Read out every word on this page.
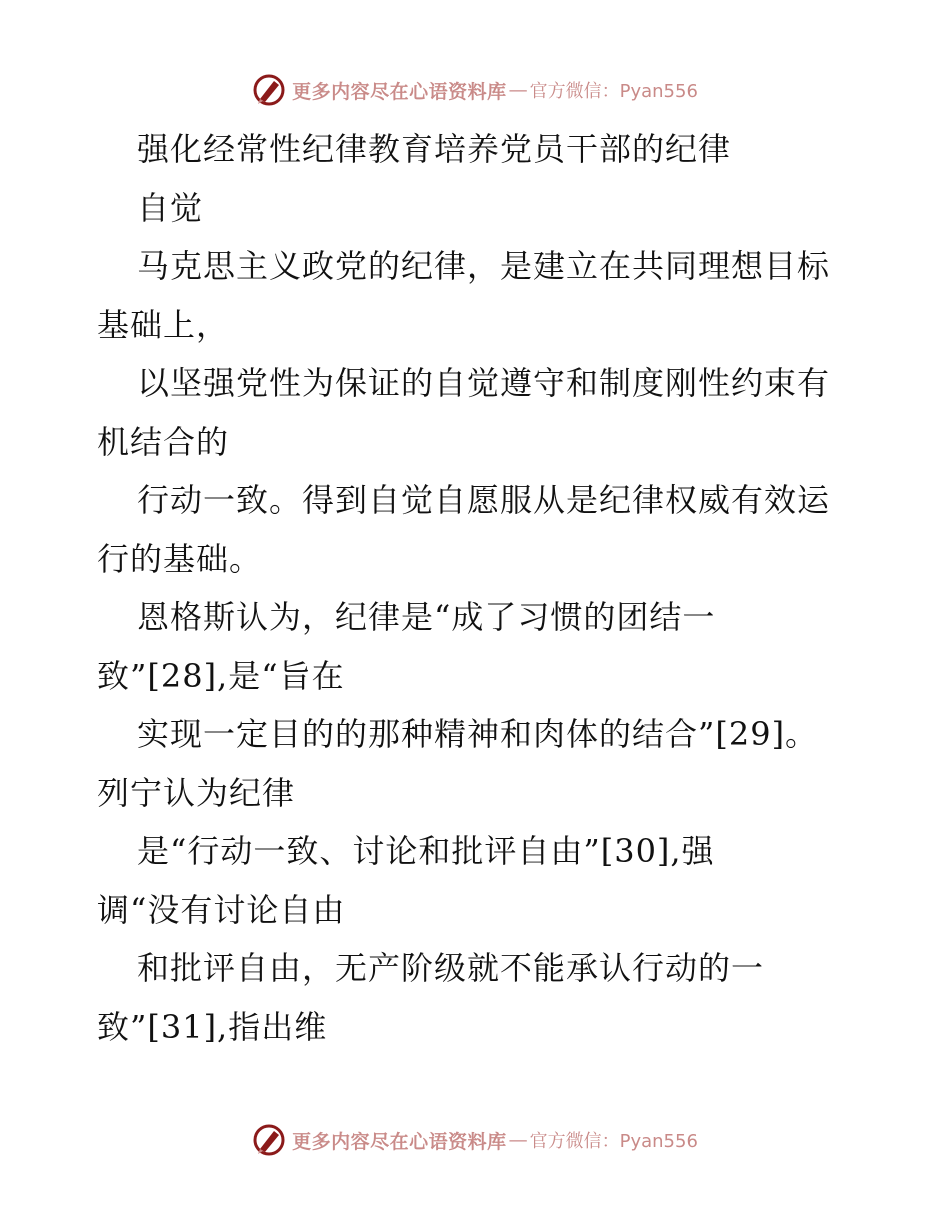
更多内容尽在心语资料库 — 官方微信：Pyan556
强化经常性纪律教育培养党员干部的纪律
自觉
马克思主义政党的纪律，是建立在共同理想目标
基础上，
以坚强党性为保证的自觉遵守和制度刚性约束有
机结合的
行动一致。得到自觉自愿服从是纪律权威有效运
行的基础。
恩格斯认为，纪律是“成了习惯的团结一
致”[28],是“旨在
实现一定目的的那种精神和肉体的结合”[29]。
列宁认为纪律
是“行动一致、讨论和批评自由”[30],强
调“没有讨论自由
和批评自由，无产阶级就不能承认行动的一
致”[31],指出维
更多内容尽在心语资料库 — 官方微信：Pyan556
